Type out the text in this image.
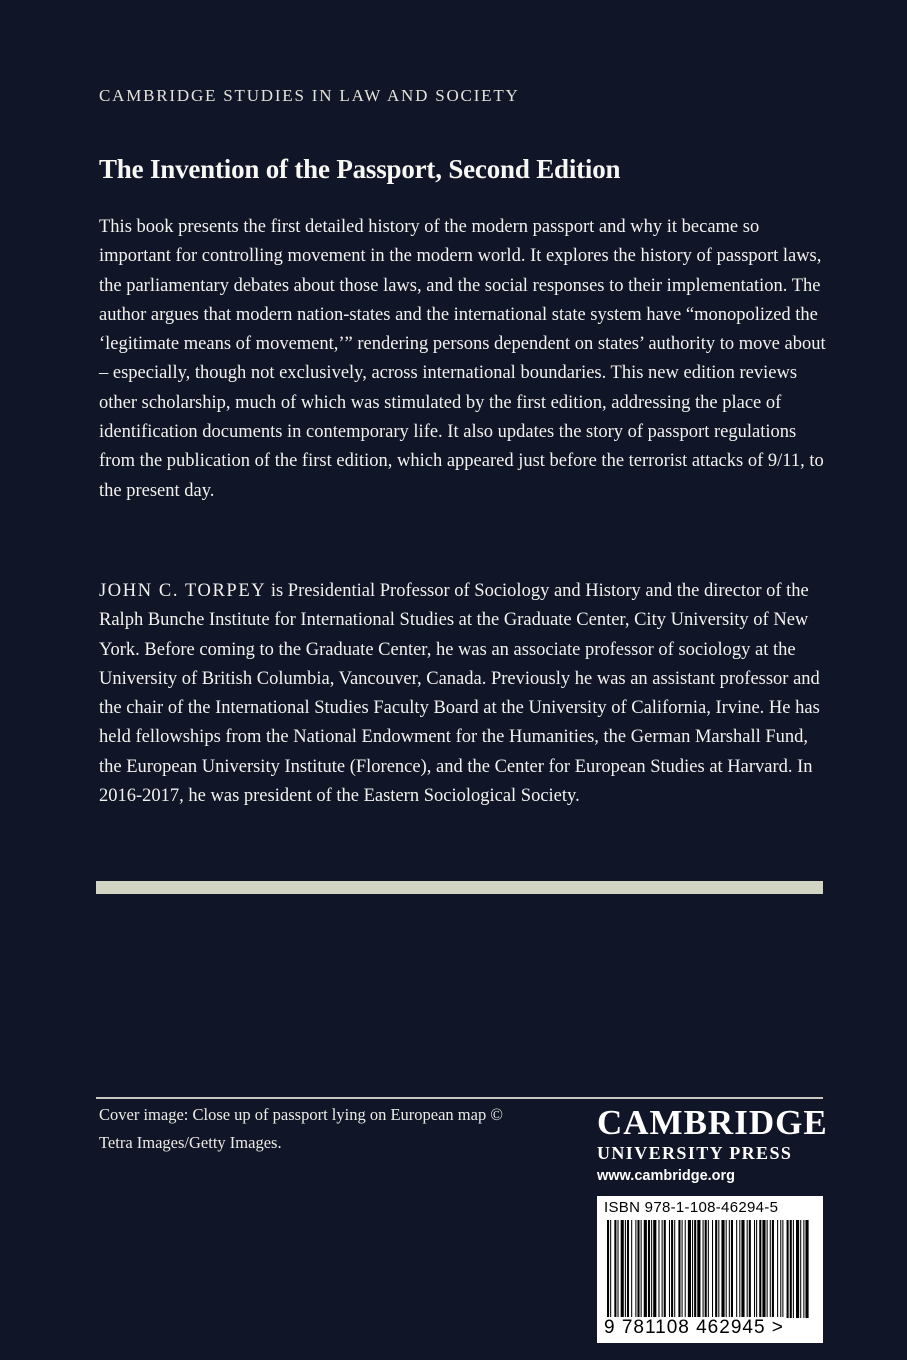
CAMBRIDGE STUDIES IN LAW AND SOCIETY
The Invention of the Passport, Second Edition
This book presents the first detailed history of the modern passport and why it became so important for controlling movement in the modern world. It explores the history of passport laws, the parliamentary debates about those laws, and the social responses to their implementation. The author argues that modern nation-states and the international state system have “monopolized the ‘legitimate means of movement,’” rendering persons dependent on states’ authority to move about – especially, though not exclusively, across international boundaries. This new edition reviews other scholarship, much of which was stimulated by the first edition, addressing the place of identification documents in contemporary life. It also updates the story of passport regulations from the publication of the first edition, which appeared just before the terrorist attacks of 9/11, to the present day.
JOHN C. TORPEY is Presidential Professor of Sociology and History and the director of the Ralph Bunche Institute for International Studies at the Graduate Center, City University of New York. Before coming to the Graduate Center, he was an associate professor of sociology at the University of British Columbia, Vancouver, Canada. Previously he was an assistant professor and the chair of the International Studies Faculty Board at the University of California, Irvine. He has held fellowships from the National Endowment for the Humanities, the German Marshall Fund, the European University Institute (Florence), and the Center for European Studies at Harvard. In 2016-2017, he was president of the Eastern Sociological Society.
Cover image: Close up of passport lying on European map © Tetra Images/Getty Images.
CAMBRIDGE
UNIVERSITY PRESS
www.cambridge.org
ISBN 978-1-108-46294-5
9 781108 462945 >
